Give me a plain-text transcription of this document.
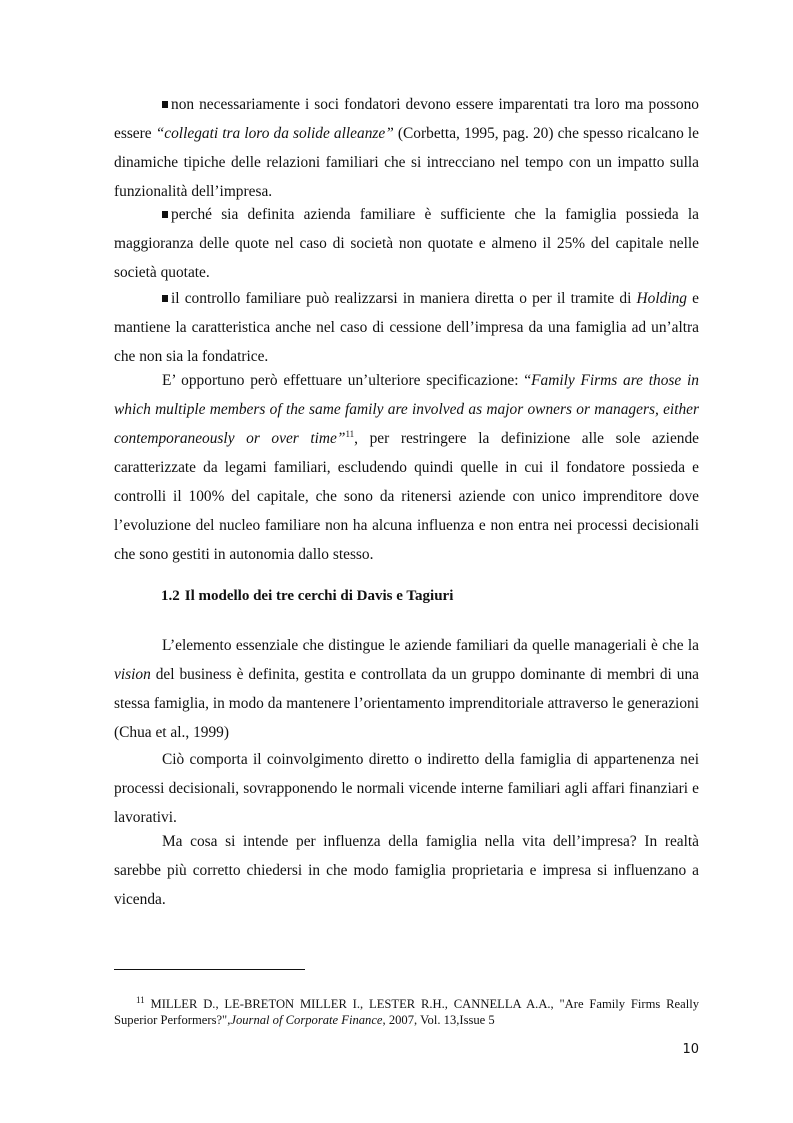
non necessariamente i soci fondatori devono essere imparentati tra loro ma possono essere “collegati tra loro da solide alleanze” (Corbetta, 1995, pag. 20) che spesso ricalcano le dinamiche tipiche delle relazioni familiari che si intrecciano nel tempo con un impatto sulla funzionalità dell’impresa.

perché sia definita azienda familiare è sufficiente che la famiglia possieda la maggioranza delle quote nel caso di società non quotate e almeno il 25% del capitale nelle società quotate.

il controllo familiare può realizzarsi in maniera diretta o per il tramite di Holding e mantiene la caratteristica anche nel caso di cessione dell’impresa da una famiglia ad un’altra che non sia la fondatrice.

E’ opportuno però effettuare un’ulteriore specificazione: “Family Firms are those in which multiple members of the same family are involved as major owners or managers, either contemporaneously or over time”$^{11}$, per restringere la definizione alle sole aziende caratterizzate da legami familiari, escludendo quindi quelle in cui il fondatore possieda e controlli il 100% del capitale, che sono da ritenersi aziende con unico imprenditore dove l’evoluzione del nucleo familiare non ha alcuna influenza e non entra nei processi decisionali che sono gestiti in autonomia dallo stesso.

1.2 Il modello dei tre cerchi di Davis e Tagiuri

L’elemento essenziale che distingue le aziende familiari da quelle manageriali è che la vision del business è definita, gestita e controllata da un gruppo dominante di membri di una stessa famiglia, in modo da mantenere l’orientamento imprenditoriale attraverso le generazioni (Chua et al., 1999)

Ciò comporta il coinvolgimento diretto o indiretto della famiglia di appartenenza nei processi decisionali, sovrapponendo le normali vicende interne familiari agli affari finanziari e lavorativi.

Ma cosa si intende per influenza della famiglia nella vita dell’impresa? In realtà sarebbe più corretto chiedersi in che modo famiglia proprietaria e impresa si influenzano a vicenda.

$^{11}$ MILLER D., LE-BRETON MILLER I., LESTER R.H., CANNELLA A.A., "Are Family Firms Really Superior Performers?",Journal of Corporate Finance, 2007, Vol. 13,Issue 5

10
